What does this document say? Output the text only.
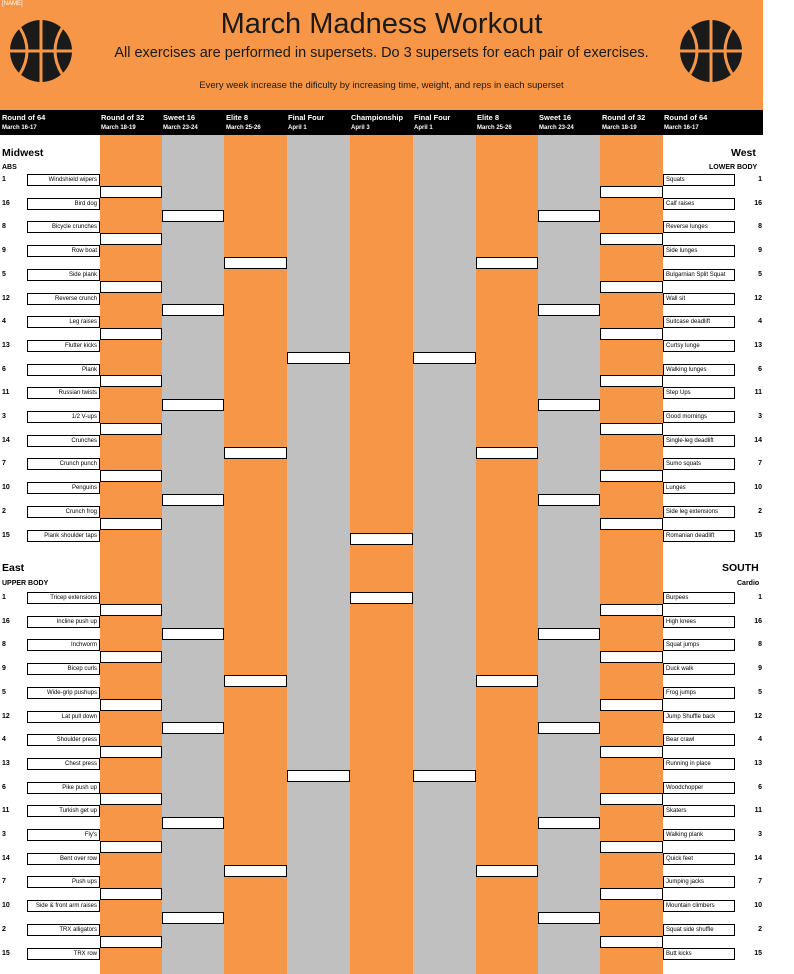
[NAME]
March Madness Workout
All exercises are performed in supersets. Do 3 supersets for each pair of exercises.
Every week increase the dificulty by increasing time, weight, and reps in each superset
Round of 64
March 16-17
Round of 32
March 18-19
Sweet 16
March 23-24
Elite 8
March 25-26
Final Four
April 1
Championship
April 3
Final Four
April 1
Elite 8
March 25-26
Sweet 16
March 23-24
Round of 32
March 18-19
Round of 64
March 16-17
Midwest
ABS
West
LOWER BODY
East
UPPER BODY
SOUTH
Cardio
1	Windshield wipers
16	Bird dog
8	Bicycle crunches
9	Row boat
5	Side plank
12	Reverse crunch
4	Leg raises
13	Flutter kicks
6	Plank
11	Russian twists
3	1/2 V-ups
14	Crunches
7	Crunch punch
10	Penguins
2	Crunch frog
15	Plank shoulder taps
1	Tricep extensions
16	Incline push up
8	Inchworm
9	Bicep curls
5	Wide-grip pushups
12	Lat pull down
4	Shoulder press
13	Chest press
6	Pike push up
11	Turkish get up
3	Fly's
14	Bent over row
7	Push ups
10	Side & front arm raises
2	TRX alligators
15	TRX row
Squats	1
Calf raises	16
Reverse lunges	8
Side lunges	9
Bulgarnian Split Squat	5
Wall sit	12
Suitcase deadlift	4
Curtsy lunge	13
Walking lunges	6
Step Ups	11
Good mornings	3
Single-leg deadlift	14
Sumo squats	7
Lunges	10
Side leg extensions	2
Romanian deadlift	15
Burpees	1
High knees	16
Squat jumps	8
Duck walk	9
Frog jumps	5
Jump Shuffle back	12
Bear crawl	4
Running in place	13
Woodchopper	6
Skaters	11
Walking plank	3
Quick feet	14
Jumping jacks	7
Mountain climbers	10
Squat side shuffle	2
Butt kicks	15
